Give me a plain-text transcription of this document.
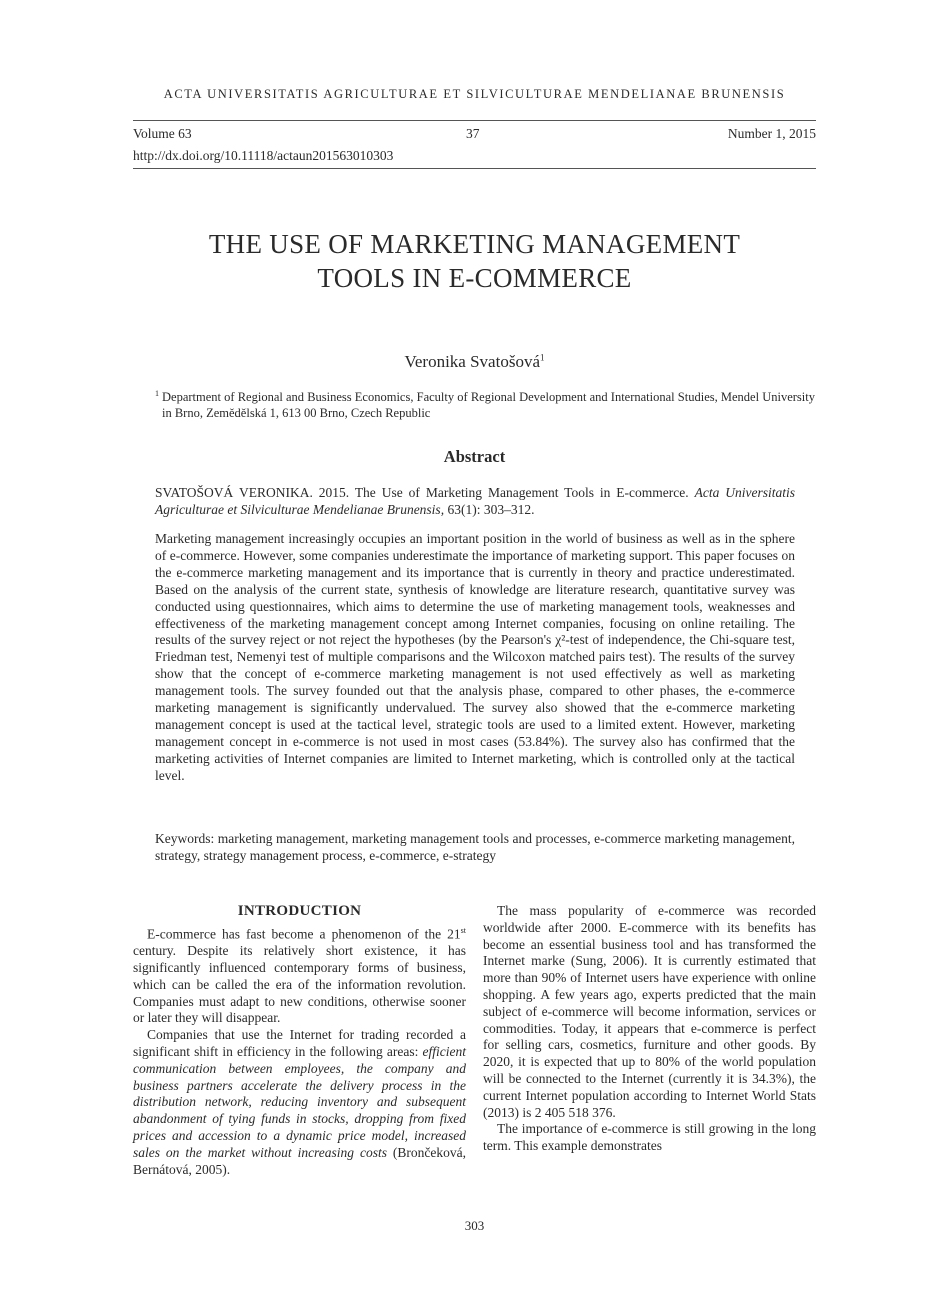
ACTA UNIVERSITATIS AGRICULTURAE ET SILVICULTURAE MENDELIANAE BRUNENSIS
Volume 63	37	Number 1, 2015
http://dx.doi.org/10.11118/actaun201563010303
THE USE OF MARKETING MANAGEMENT
TOOLS IN E-COMMERCE
Veronika Svatošová$^1$
1 Department of Regional and Business Economics, Faculty of Regional Development and International Studies, Mendel University in Brno, Zemědělská 1, 613 00 Brno, Czech Republic
Abstract
SVATOŠOVÁ VERONIKA. 2015. The Use of Marketing Management Tools in E-commerce. Acta Universitatis Agriculturae et Silviculturae Mendelianae Brunensis, 63(1): 303–312.
Marketing management increasingly occupies an important position in the world of business as well as in the sphere of e-commerce. However, some companies underestimate the importance of marketing support. This paper focuses on the e-commerce marketing management and its importance that is currently in theory and practice underestimated. Based on the analysis of the current state, synthesis of knowledge are literature research, quantitative survey was conducted using questionnaires, which aims to determine the use of marketing management tools, weaknesses and effectiveness of the marketing management concept among Internet companies, focusing on online retailing. The results of the survey reject or not reject the hypotheses (by the Pearson's χ²-test of independence, the Chi-square test, Friedman test, Nemenyi test of multiple comparisons and the Wilcoxon matched pairs test). The results of the survey show that the concept of e-commerce marketing management is not used effectively as well as marketing management tools. The survey founded out that the analysis phase, compared to other phases, the e-commerce marketing management is significantly undervalued. The survey also showed that the e-commerce marketing management concept is used at the tactical level, strategic tools are used to a limited extent. However, marketing management concept in e-commerce is not used in most cases (53.84%). The survey also has confirmed that the marketing activities of Internet companies are limited to Internet marketing, which is controlled only at the tactical level.
Keywords: marketing management, marketing management tools and processes, e-commerce marketing management, strategy, strategy management process, e-commerce, e-strategy
INTRODUCTION

E-commerce has fast become a phenomenon of the 21st century. Despite its relatively short existence, it has significantly influenced contemporary forms of business, which can be called the era of the information revolution. Companies must adapt to new conditions, otherwise sooner or later they will disappear.

Companies that use the Internet for trading recorded a significant shift in efficiency in the following areas: efficient communication between employees, the company and business partners accelerate the delivery process in the distribution network, reducing inventory and subsequent abandonment of tying funds in stocks, dropping from fixed prices and accession to a dynamic price model, increased sales on the market without increasing costs (Brončeková, Bernátová, 2005).

The mass popularity of e-commerce was recorded worldwide after 2000. E-commerce with its benefits has become an essential business tool and has transformed the Internet marke (Sung, 2006). It is currently estimated that more than 90% of Internet users have experience with online shopping. A few years ago, experts predicted that the main subject of e-commerce will become information, services or commodities. Today, it appears that e-commerce is perfect for selling cars, cosmetics, furniture and other goods. By 2020, it is expected that up to 80% of the world population will be connected to the Internet (currently it is 34.3%), the current Internet population according to Internet World Stats (2013) is 2 405 518 376.

The importance of e-commerce is still growing in the long term. This example demonstrates

303
